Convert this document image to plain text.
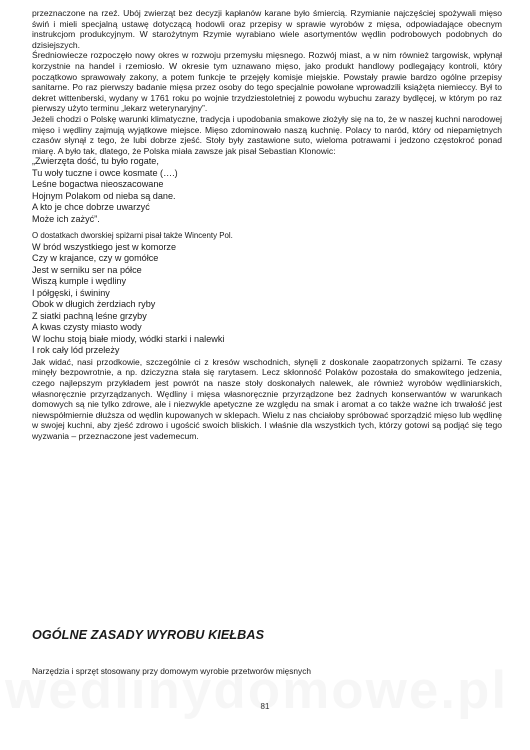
przeznaczone na rzeź. Ubój zwierząt bez decyzji kapłanów karane było śmiercią. Rzymianie najczęściej spożywali mięso świń i mieli specjalną ustawę dotyczącą hodowli oraz przepisy w sprawie wyrobów z mięsa, odpowiadające obecnym instrukcjom produkcyjnym. W starożytnym Rzymie wyrabiano wiele asortymentów wędlin podrobowych podobnych do dzisiejszych.

Średniowiecze rozpoczęło nowy okres w rozwoju przemysłu mięsnego. Rozwój miast, a w nim również targowisk, wpłynął korzystnie na handel i rzemiosło. W okresie tym uznawano mięso, jako produkt handlowy podlegający kontroli, który początkowo sprawowały zakony, a potem funkcje te przejęły komisje miejskie. Powstały prawie bardzo ogólne przepisy sanitarne. Po raz pierwszy badanie mięsa przez osoby do tego specjalnie powołane wprowadzili książęta niemieccy. Był to dekret wittenberski, wydany w 1761 roku po wojnie trzydziestoletniej z powodu wybuchu zarazy bydlęcej, w którym po raz pierwszy użyto terminu „lekarz weterynaryjny”.

Jeżeli chodzi o Polskę warunki klimatyczne, tradycja i upodobania smakowe złożyły się na to, że w naszej kuchni narodowej mięso i wędliny zajmują wyjątkowe miejsce. Mięso zdominowało naszą kuchnię. Polacy to naród, który od niepamiętnych czasów słynął z tego, że lubi dobrze zjeść. Stoły były zastawione suto, wieloma potrawami i jedzono częstokroć ponad miarę. A było tak, dlatego, że Polska miała zawsze jak pisał Sebastian Klonowic:

„Zwierzęta dość, tu było rogate,
Tu woły tuczne i owce kosmate (….)
Leśne bogactwa nieoszacowane
Hojnym Polakom od nieba są dane.
A kto je chce dobrze uwarzyć
Może ich zażyć”.

O dostatkach dworskiej spiżarni pisał także Wincenty Pol.

W bród wszystkiego jest w komorze
Czy w krajance, czy w gomółce
Jest w serniku ser na półce
Wiszą kumple i wędliny
I półgęski, i świniny
Obok w długich żerdziach ryby
Z siatki pachną leśne grzyby
A kwas czysty miasto wody
W lochu stoją białe miody, wódki starki i nalewki
I rok cały lód przeleży

Jak widać, nasi przodkowie, szczególnie ci z kresów wschodnich, słynęli z doskonale zaopatrzonych spiżarni. Te czasy minęły bezpowrotnie, a np. dziczyzna stała się rarytasem. Lecz skłonność Polaków pozostała do smakowitego jedzenia, czego najlepszym przykładem jest powrót na nasze stoły doskonałych nalewek, ale również wyrobów wędliniarskich, własnoręcznie przyrządzanych. Wędliny i mięsa własnoręcznie przyrządzone bez żadnych konserwantów w warunkach domowych są nie tylko zdrowe, ale i niezwykle apetyczne ze względu na smak i aromat a co także ważne ich trwałość jest niewspółmiernie dłuższa od wędlin kupowanych w sklepach. Wielu z nas chciałoby spróbować sporządzić mięso lub wędlinę w swojej kuchni, aby zjeść zdrowo i ugościć swoich bliskich. I właśnie dla wszystkich tych, którzy gotowi są podjąć się tego wyzwania – przeznaczone jest vademecum.

OGÓLNE ZASADY WYROBU KIEŁBAS
Narzędzia i sprzęt stosowany przy domowym wyrobie przetworów mięsnych
81
